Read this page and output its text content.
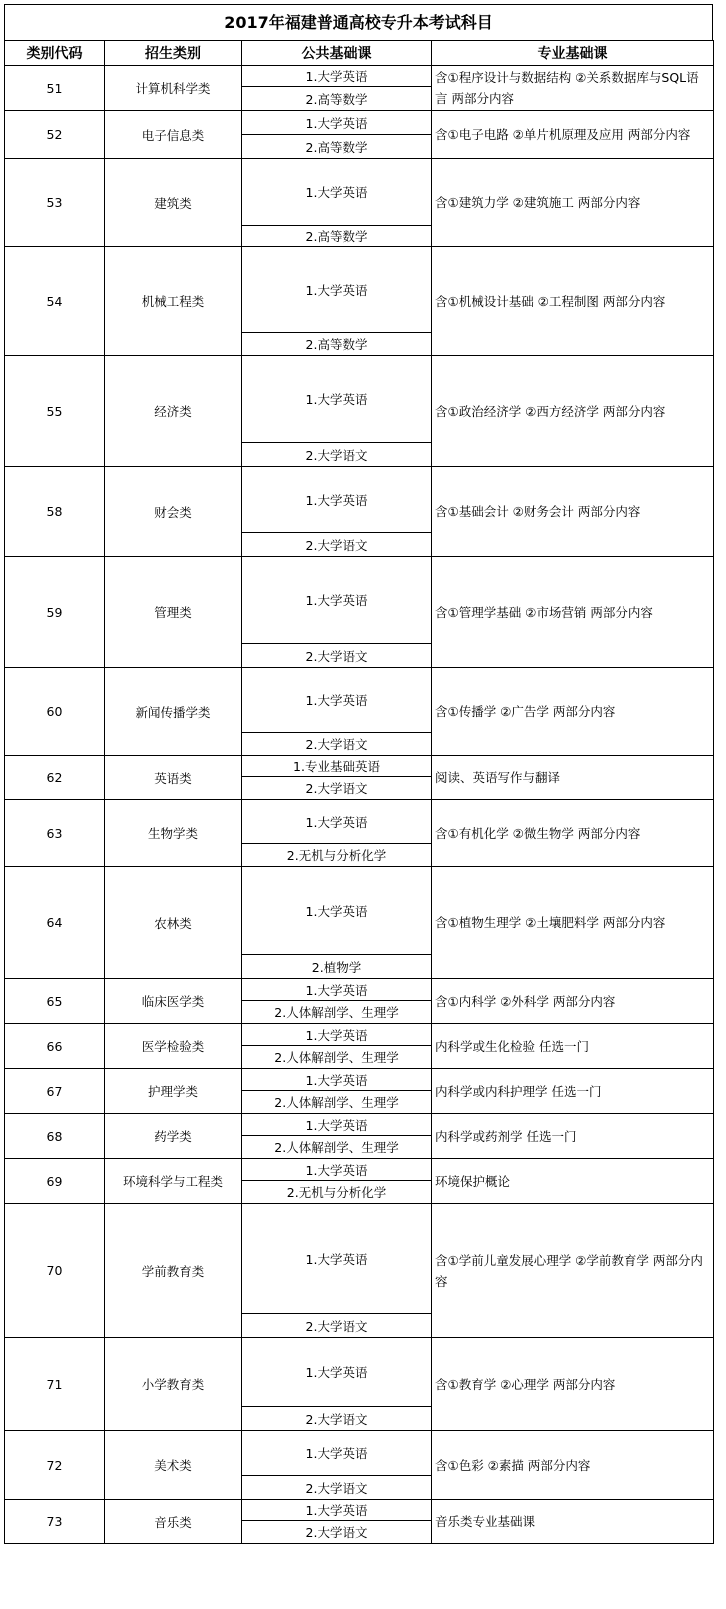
2017年福建普通高校专升本考试科目
类别代码	招生类别	公共基础课	专业基础课
51	计算机科学类	1.大学英语	含①程序设计与数据结构 ②关系数据库与SQL语言 两部分内容
		2.高等数学	
52	电子信息类	1.大学英语	含①电子电路 ②单片机原理及应用 两部分内容
		2.高等数学	
53	建筑类	1.大学英语	含①建筑力学 ②建筑施工 两部分内容
		2.高等数学	
54	机械工程类	1.大学英语	含①机械设计基础 ②工程制图 两部分内容
		2.高等数学	
55	经济类	1.大学英语	含①政治经济学 ②西方经济学 两部分内容
		2.大学语文	
58	财会类	1.大学英语	含①基础会计 ②财务会计 两部分内容
		2.大学语文	
59	管理类	1.大学英语	含①管理学基础 ②市场营销 两部分内容
		2.大学语文	
60	新闻传播学类	1.大学英语	含①传播学 ②广告学 两部分内容
		2.大学语文	
62	英语类	1.专业基础英语	阅读、英语写作与翻译
		2.大学语文	
63	生物学类	1.大学英语	含①有机化学 ②微生物学 两部分内容
		2.无机与分析化学	
64	农林类	1.大学英语	含①植物生理学 ②土壤肥料学 两部分内容
		2.植物学	
65	临床医学类	1.大学英语	含①内科学 ②外科学 两部分内容
		2.人体解剖学、生理学	
66	医学检验类	1.大学英语	内科学或生化检验 任选一门
		2.人体解剖学、生理学	
67	护理学类	1.大学英语	内科学或内科护理学 任选一门
		2.人体解剖学、生理学	
68	药学类	1.大学英语	内科学或药剂学 任选一门
		2.人体解剖学、生理学	
69	环境科学与工程类	1.大学英语	环境保护概论
		2.无机与分析化学	
70	学前教育类	1.大学英语	含①学前儿童发展心理学 ②学前教育学 两部分内容
		2.大学语文	
71	小学教育类	1.大学英语	含①教育学 ②心理学 两部分内容
		2.大学语文	
72	美术类	1.大学英语	含①色彩 ②素描 两部分内容
		2.大学语文	
73	音乐类	1.大学英语	音乐类专业基础课
		2.大学语文	
